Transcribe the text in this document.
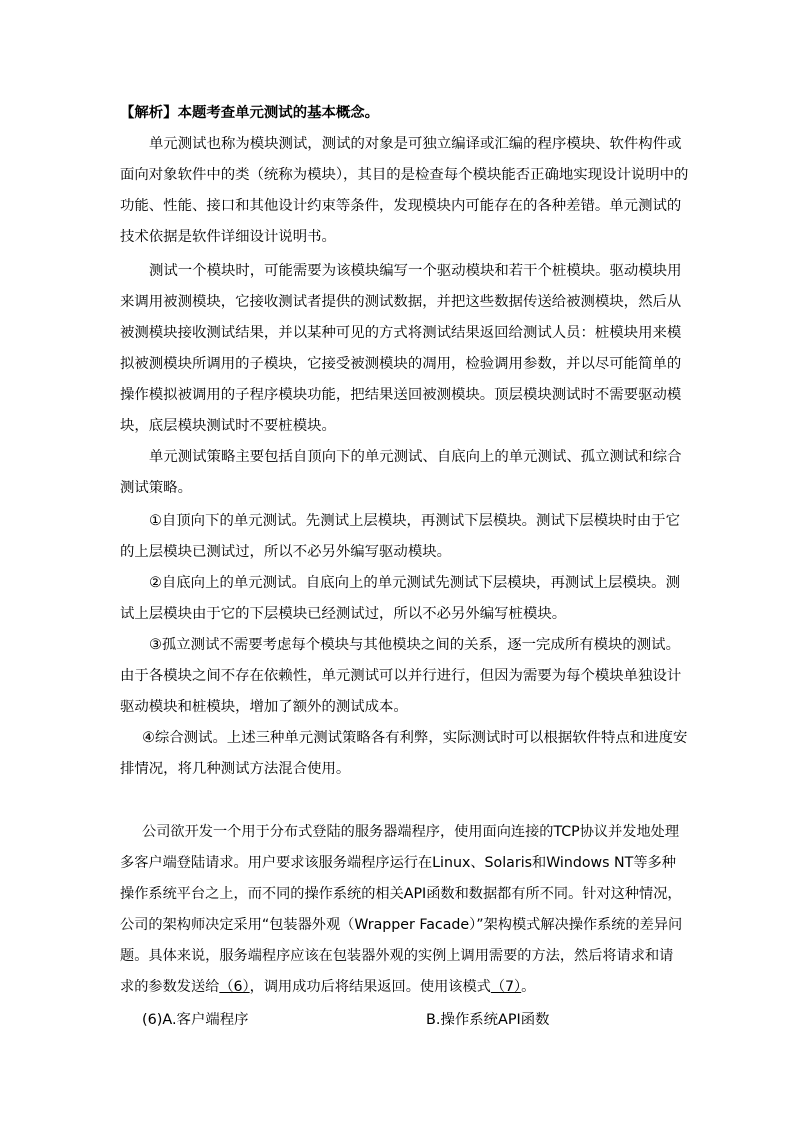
【解析】本题考查单元测试的基本概念。
单元测试也称为模块测试，测试的对象是可独立编译或汇编的程序模块、软件构件或
面向对象软件中的类（统称为模块），其目的是检查每个模块能否正确地实现设计说明中的
功能、性能、接口和其他设计约束等条件，发现模块内可能存在的各种差错。单元测试的
技术依据是软件详细设计说明书。
测试一个模块时，可能需要为该模块编写一个驱动模块和若干个桩模块。驱动模块用
来调用被测模块，它接收测试者提供的测试数据，并把这些数据传送给被测模块，然后从
被测模块接收测试结果，并以某种可见的方式将测试结果返回给测试人员：桩模块用来模
拟被测模块所调用的子模块，它接受被测模块的凋用，检验调用参数，并以尽可能简单的
操作模拟被调用的子程序模块功能，把结果送回被测模块。顶层模块测试时不需要驱动模
块，底层模块测试时不要桩模块。
单元测试策略主要包括自顶向下的单元测试、自底向上的单元测试、孤立测试和综合
测试策略。
①自顶向下的单元测试。先测试上层模块，再测试下层模块。测试下层模块时由于它
的上层模块已测试过，所以不必另外编写驱动模块。
②自底向上的单元测试。自底向上的单元测试先测试下层模块，再测试上层模块。测
试上层模块由于它的下层模块已经测试过，所以不必另外编写桩模块。
③孤立测试不需要考虑每个模块与其他模块之间的关系，逐一完成所有模块的测试。
由于各模块之间不存在依赖性，单元测试可以并行进行，但因为需要为每个模块单独设计
驱动模块和桩模块，增加了额外的测试成本。
④综合测试。上述三种单元测试策略各有利弊，实际测试时可以根据软件特点和进度安
排情况，将几种测试方法混合使用。
公司欲开发一个用于分布式登陆的服务器端程序，使用面向连接的TCP协议并发地处理
多客户端登陆请求。用户要求该服务端程序运行在Linux、Solaris和Windows NT等多种
操作系统平台之上，而不同的操作系统的相关API函数和数据都有所不同。针对这种情况，
公司的架构师决定采用“包装器外观（Wrapper Facade）”架构模式解决操作系统的差异问
题。具体来说，服务端程序应该在包装器外观的实例上调用需要的方法，然后将请求和请
求的参数发送给（6），调用成功后将结果返回。使用该模式（7）。
(6)A.客户端程序	B.操作系统API函数
